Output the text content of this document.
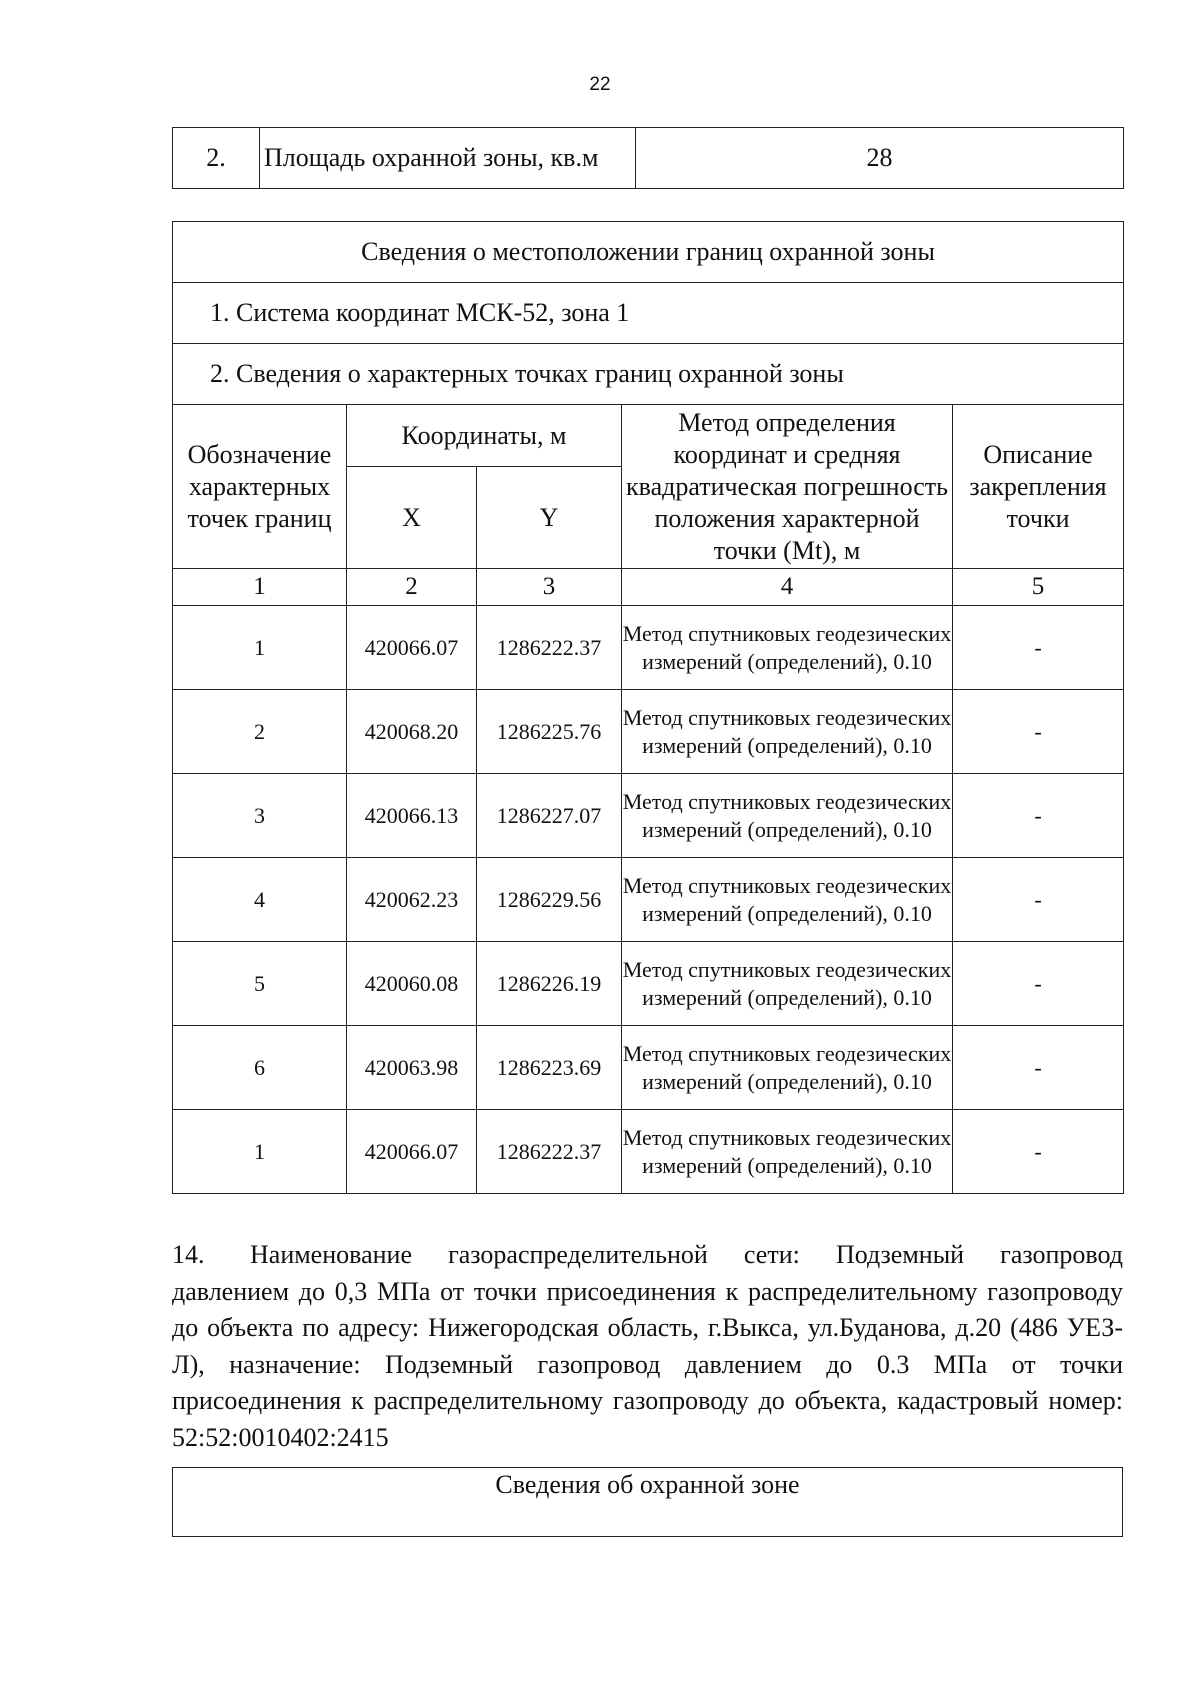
22
2.	Площадь охранной зоны, кв.м	28
Сведения о местоположении границ охранной зоны				
1. Система координат МСК-52, зона 1				
2. Сведения о характерных точках границ охранной зоны				
Обозначение характерных точек границ	Координаты, м		Метод определения координат и средняя квадратическая погрешность положения характерной точки (Mt), м	Описание закрепления точки
	X	Y		
1	2	3	4	5
1	420066.07	1286222.37	Метод спутниковых геодезических измерений (определений), 0.10	-
2	420068.20	1286225.76	Метод спутниковых геодезических измерений (определений), 0.10	-
3	420066.13	1286227.07	Метод спутниковых геодезических измерений (определений), 0.10	-
4	420062.23	1286229.56	Метод спутниковых геодезических измерений (определений), 0.10	-
5	420060.08	1286226.19	Метод спутниковых геодезических измерений (определений), 0.10	-
6	420063.98	1286223.69	Метод спутниковых геодезических измерений (определений), 0.10	-
1	420066.07	1286222.37	Метод спутниковых геодезических измерений (определений), 0.10	-
14. Наименование газораспределительной сети: Подземный газопровод давлением до 0,3 МПа от точки присоединения к распределительному газопроводу до объекта по адресу: Нижегородская область, г.Выкса, ул.Буданова, д.20 (486 УЕЗ-Л), назначение: Подземный газопровод давлением до 0.3 МПа от точки присоединения к распределительному газопроводу до объекта, кадастровый номер: 52:52:0010402:2415
Сведения об охранной зоне
